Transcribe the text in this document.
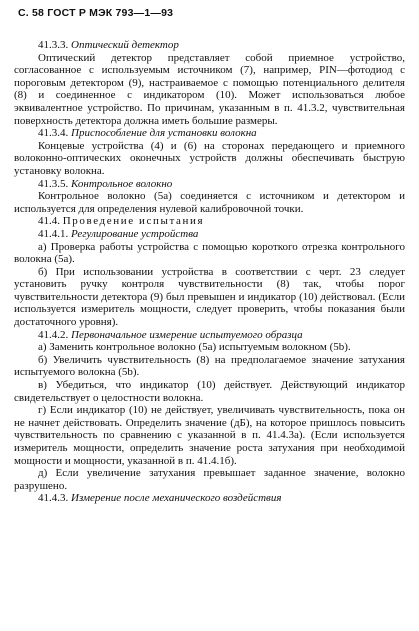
С. 58 ГОСТ Р МЭК 793—1—93

41.3.3. Оптический детектор

Оптический детектор представляет собой приемное устройство, согласованное с используемым источником (7), например, PIN—фотодиод с пороговым детектором (9), настраиваемое с помощью потенциального делителя (8) и соединенное с индикатором (10). Может использоваться любое эквивалентное устройство. По причинам, указанным в п. 41.3.2, чувствительная поверхность детектора должна иметь большие размеры.

41.3.4. Приспособление для установки волокна

Концевые устройства (4) и (6) на сторонах передающего и приемного волоконно-оптических оконечных устройств должны обеспечивать быструю установку волокна.

41.3.5. Контрольное волокно

Контрольное волокно (5a) соединяется с источником и детектором и используется для определения нулевой калибровочной точки.

41.4. Проведение испытания

41.4.1. Регулирование устройства

а) Проверка работы устройства с помощью короткого отрезка контрольного волокна (5a).

б) При использовании устройства в соответствии с черт. 23 следует установить ручку контроля чувствительности (8) так, чтобы порог чувствительности детектора (9) был превышен и индикатор (10) действовал. (Если используется измеритель мощности, следует проверить, чтобы показания были достаточного уровня).

41.4.2. Первоначальное измерение испытуемого образца

а) Заменить контрольное волокно (5a) испытуемым волокном (5b).

б) Увеличить чувствительность (8) на предполагаемое значение затухания испытуемого волокна (5b).

в) Убедиться, что индикатор (10) действует. Действующий индикатор свидетельствует о целостности волокна.

г) Если индикатор (10) не действует, увеличивать чувствительность, пока он не начнет действовать. Определить значение (дБ), на которое пришлось повысить чувствительность по сравнению с указанной в п. 41.4.3a). (Если используется измеритель мощности, определить значение роста затухания при необходимой мощности и мощности, указанной в п. 41.4.1б).

д) Если увеличение затухания превышает заданное значение, волокно разрушено.

41.4.3. Измерение после механического воздействия
